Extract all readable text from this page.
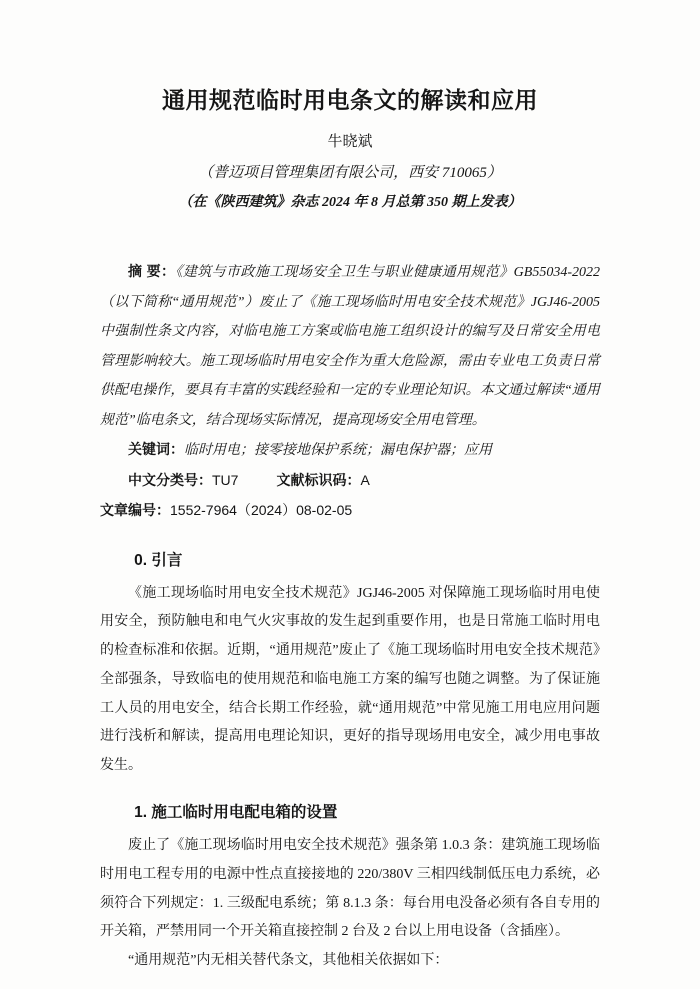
通用规范临时用电条文的解读和应用
牛晓斌
（普迈项目管理集团有限公司，西安 710065）
（在《陕西建筑》杂志 2024 年 8 月总第 350 期上发表）

摘 要：《建筑与市政施工现场安全卫生与职业健康通用规范》GB55034-2022（以下简称“通用规范”）废止了《施工现场临时用电安全技术规范》JGJ46-2005 中强制性条文内容，对临电施工方案或临电施工组织设计的编写及日常安全用电管理影响较大。施工现场临时用电安全作为重大危险源，需由专业电工负责日常供配电操作，要具有丰富的实践经验和一定的专业理论知识。本文通过解读“通用规范”临电条文，结合现场实际情况，提高现场安全用电管理。

关键词：临时用电；接零接地保护系统；漏电保护器；应用

中文分类号：TU7	文献标识码：A文章编号：1552-7964（2024）08-02-05

0. 引言

《施工现场临时用电安全技术规范》JGJ46-2005 对保障施工现场临时用电使用安全，预防触电和电气火灾事故的发生起到重要作用，也是日常施工临时用电的检查标准和依据。近期，“通用规范”废止了《施工现场临时用电安全技术规范》全部强条，导致临电的使用规范和临电施工方案的编写也随之调整。为了保证施工人员的用电安全，结合长期工作经验，就“通用规范”中常见施工用电应用问题进行浅析和解读，提高用电理论知识，更好的指导现场用电安全，减少用电事故发生。

1. 施工临时用电配电箱的设置

废止了《施工现场临时用电安全技术规范》强条第 1.0.3 条：建筑施工现场临时用电工程专用的电源中性点直接接地的 220/380V 三相四线制低压电力系统，必须符合下列规定：1. 三级配电系统；第 8.1.3 条：每台用电没备必须有各自专用的开关箱，严禁用同一个开关箱直接控制 2 台及 2 台以上用电设备（含插座）。

“通用规范”内无相关替代条文，其他相关依据如下：
